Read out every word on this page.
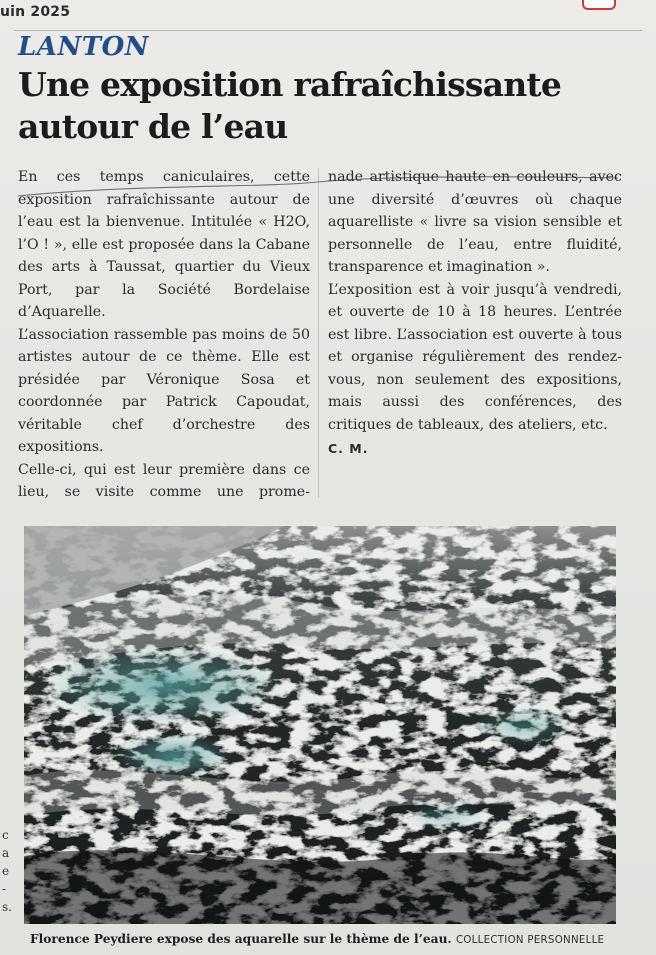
uin 2025
LANTON
Une exposition rafraîchissante autour de l’eau

En ces temps caniculaires, cette exposition rafraîchissante autour de l’eau est la bienvenue. Intitulée « H2O, l’O ! », elle est proposée dans la Cabane des arts à Taussat, quartier du Vieux Port, par la Société Bordelaise d’Aquarelle.

L’association rassemble pas moins de 50 artistes autour de ce thème. Elle est présidée par Véronique Sosa et coordonnée par Patrick Capoudat, véritable chef d’orchestre des expositions.

Celle-ci, qui est leur première dans ce lieu, se visite comme une prome-

nade artistique haute en couleurs, avec une diversité d’œuvres où chaque aquarelliste « livre sa vision sensible et personnelle de l’eau, entre fluidité, transparence et imagination ».

L’exposition est à voir jusqu’à vendredi, et ouverte de 10 à 18 heures. L’entrée est libre. L’association est ouverte à tous et organise régulièrement des rendez-vous, non seulement des expositions, mais aussi des conférences, des critiques de tableaux, des ateliers, etc.

C. M.
Florence Peydiere expose des aquarelle sur le thème de l’eau. COLLECTION PERSONNELLE
c
a
e
-
s.
